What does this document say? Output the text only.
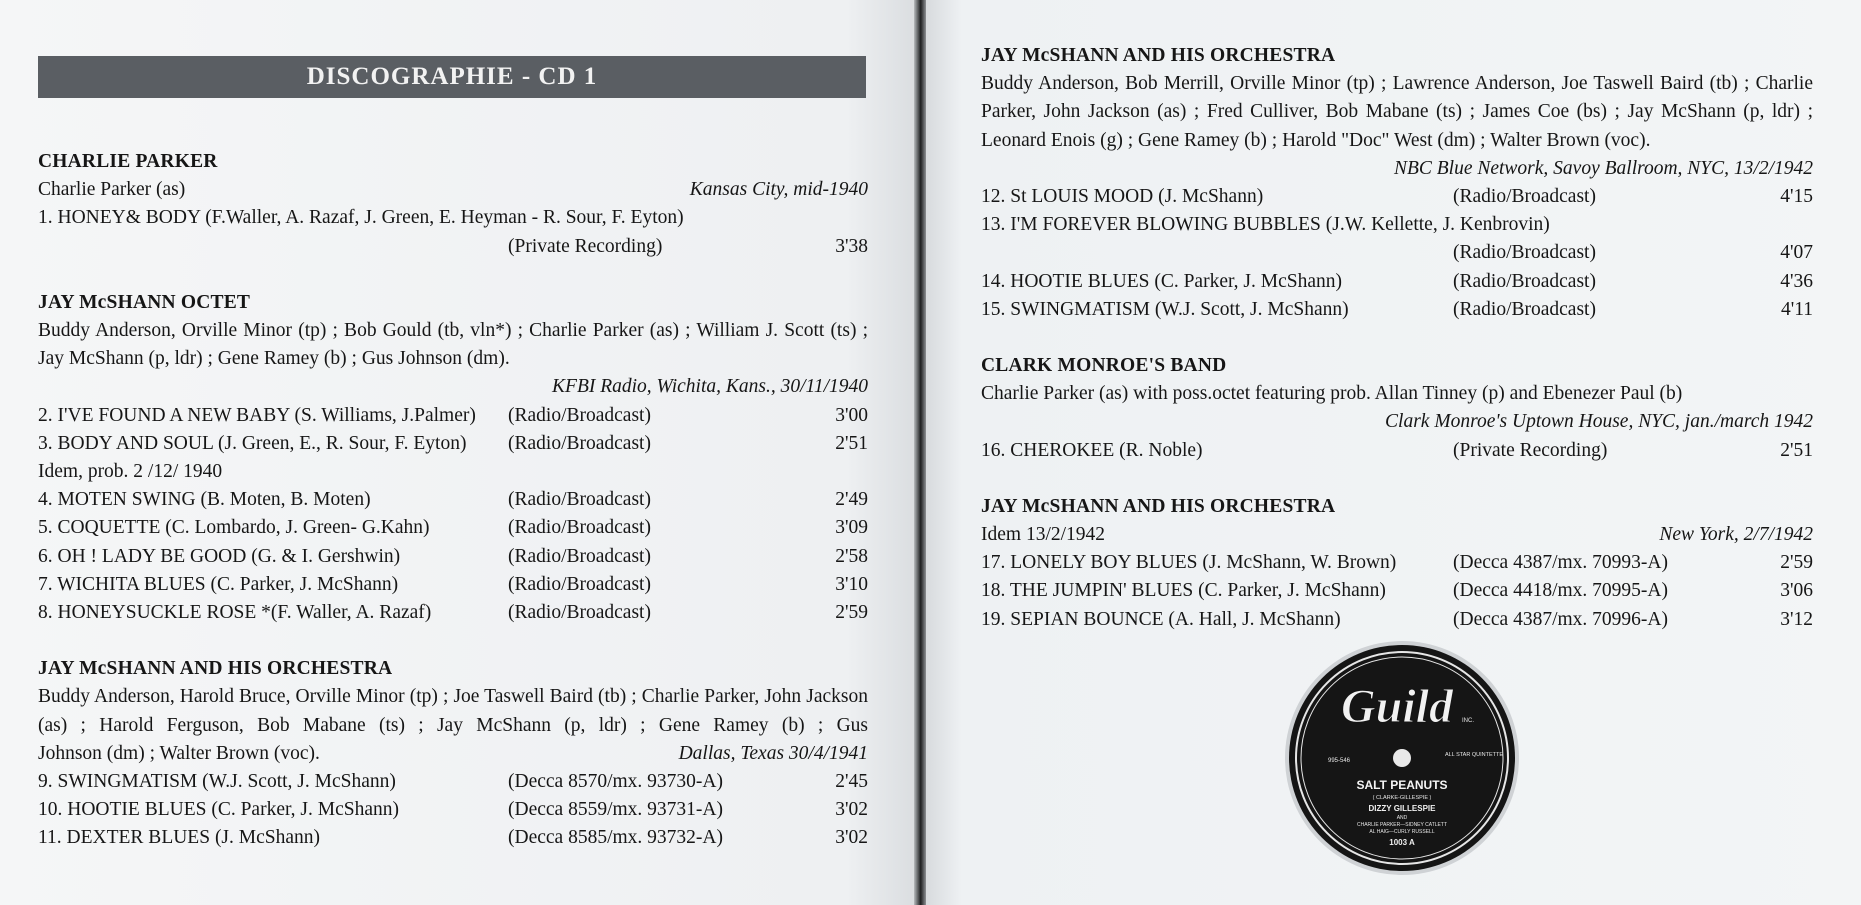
DISCOGRAPHIE - CD 1
CHARLIE PARKER
Charlie Parker (as)	Kansas City, mid-1940
1. HONEY& BODY (F.Waller, A. Razaf, J. Green, E. Heyman - R. Sour, F. Eyton)
(Private Recording)	3'38
JAY McSHANN OCTET
Buddy Anderson, Orville Minor (tp) ; Bob Gould (tb, vln*) ; Charlie Parker (as) ; William J. Scott (ts) ; Jay McShann (p, ldr) ; Gene Ramey (b) ; Gus Johnson (dm).
KFBI Radio, Wichita, Kans., 30/11/1940
2. I'VE FOUND A NEW BABY (S. Williams, J.Palmer)	(Radio/Broadcast)	3'00
3. BODY AND SOUL (J. Green, E., R. Sour, F. Eyton)	(Radio/Broadcast)	2'51
Idem, prob. 2 /12/ 1940
4. MOTEN SWING (B. Moten, B. Moten)	(Radio/Broadcast)	2'49
5. COQUETTE (C. Lombardo, J. Green- G.Kahn)	(Radio/Broadcast)	3'09
6. OH ! LADY BE GOOD (G. & I. Gershwin)	(Radio/Broadcast)	2'58
7. WICHITA BLUES (C. Parker, J. McShann)	(Radio/Broadcast)	3'10
8. HONEYSUCKLE ROSE *(F. Waller, A. Razaf)	(Radio/Broadcast)	2'59
JAY McSHANN AND HIS ORCHESTRA
Buddy Anderson, Harold Bruce, Orville Minor (tp) ; Joe Taswell Baird (tb) ; Charlie Parker, John Jackson (as) ; Harold Ferguson, Bob Mabane (ts) ; Jay McShann (p, ldr) ; Gene Ramey (b) ; Gus
Johnson (dm) ; Walter Brown (voc).	Dallas, Texas 30/4/1941
9. SWINGMATISM (W.J. Scott, J. McShann)	(Decca 8570/mx. 93730-A)	2'45
10. HOOTIE BLUES (C. Parker, J. McShann)	(Decca 8559/mx. 93731-A)	3'02
11. DEXTER BLUES (J. McShann)	(Decca 8585/mx. 93732-A)	3'02
JAY McSHANN AND HIS ORCHESTRA
Buddy Anderson, Bob Merrill, Orville Minor (tp) ; Lawrence Anderson, Joe Taswell Baird (tb) ; Charlie Parker, John Jackson (as) ; Fred Culliver, Bob Mabane (ts) ; James Coe (bs) ; Jay McShann (p, ldr) ; Leonard Enois (g) ; Gene Ramey (b) ; Harold "Doc" West (dm) ; Walter Brown (voc).
NBC Blue Network, Savoy Ballroom, NYC, 13/2/1942
12. St LOUIS MOOD (J. McShann)	(Radio/Broadcast)	4'15
13. I'M FOREVER BLOWING BUBBLES (J.W. Kellette, J. Kenbrovin)
(Radio/Broadcast)	4'07
14. HOOTIE BLUES (C. Parker, J. McShann)	(Radio/Broadcast)	4'36
15. SWINGMATISM (W.J. Scott, J. McShann)	(Radio/Broadcast)	4'11
CLARK MONROE'S BAND
Charlie Parker (as) with poss.octet featuring prob. Allan Tinney (p) and Ebenezer Paul (b)
Clark Monroe's Uptown House, NYC, jan./march 1942
16. CHEROKEE (R. Noble)	(Private Recording)	2'51
JAY McSHANN AND HIS ORCHESTRA
Idem 13/2/1942	New York, 2/7/1942
17. LONELY BOY BLUES (J. McShann, W. Brown)	(Decca 4387/mx. 70993-A)	2'59
18. THE JUMPIN' BLUES (C. Parker, J. McShann)	(Decca 4418/mx. 70995-A)	3'06
19. SEPIAN BOUNCE (A. Hall, J. McShann)	(Decca 4387/mx. 70996-A)	3'12
Guild INC.
995-546
ALL STAR QUINTETTE
SALT PEANUTS
( CLARKE-GILLESPIE )
DIZZY GILLESPIE
AND
CHARLIE PARKER—SIDNEY CATLETT
AL HAIG—CURLY RUSSELL
1003 A
